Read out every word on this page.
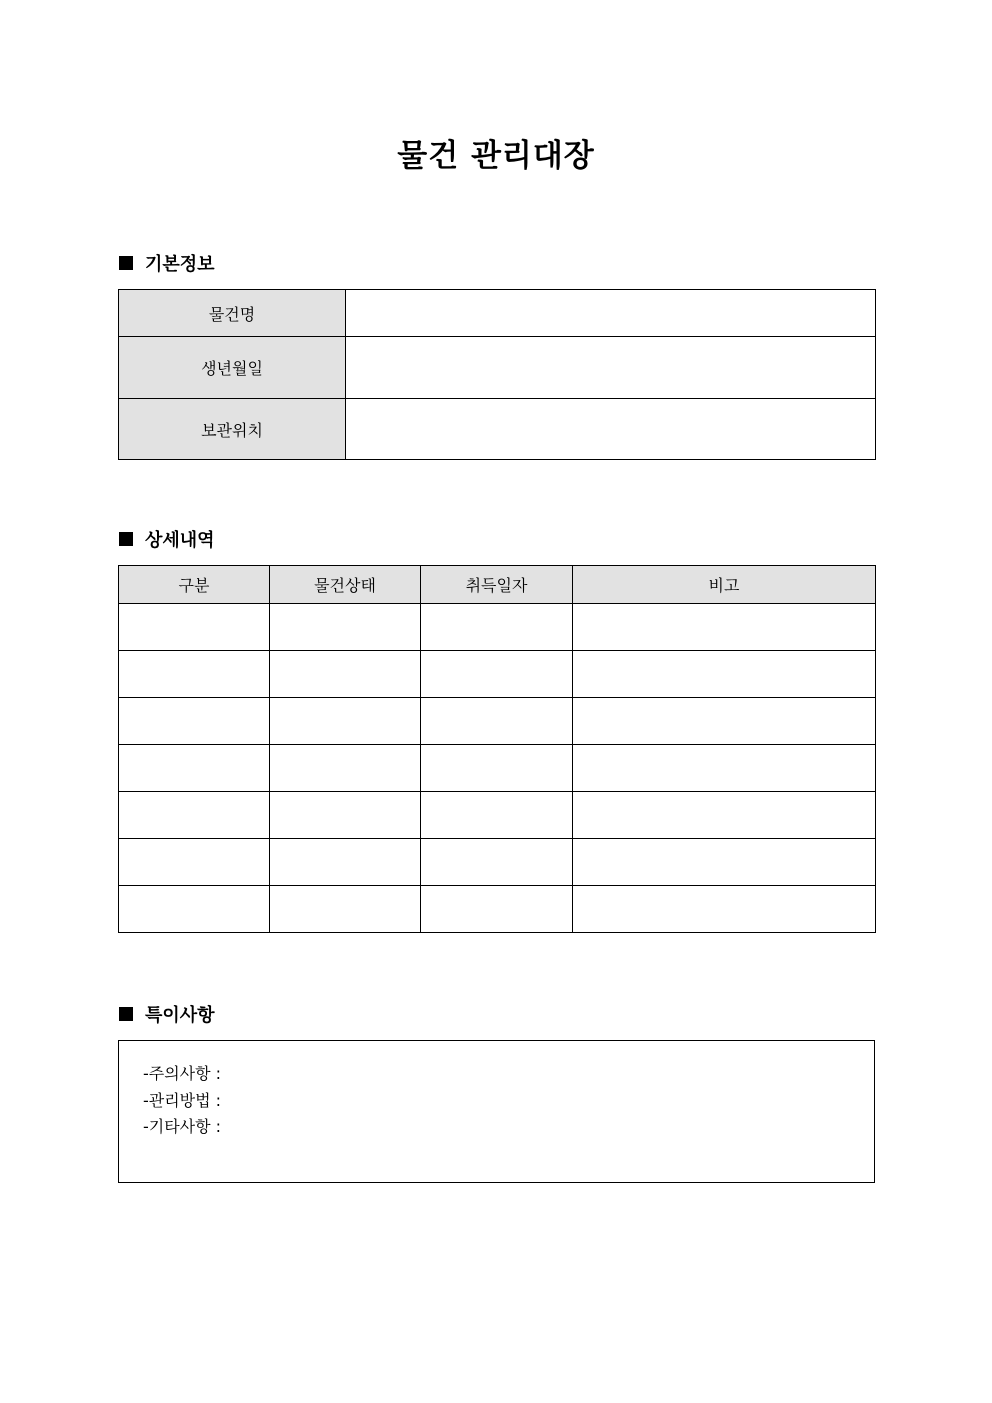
물건 관리대장
기본정보
물건명	
생년월일	
보관위치	
상세내역
구분	물건상태	취득일자	비고

특이사항
-주의사항 :
-관리방법 :
-기타사항 :
